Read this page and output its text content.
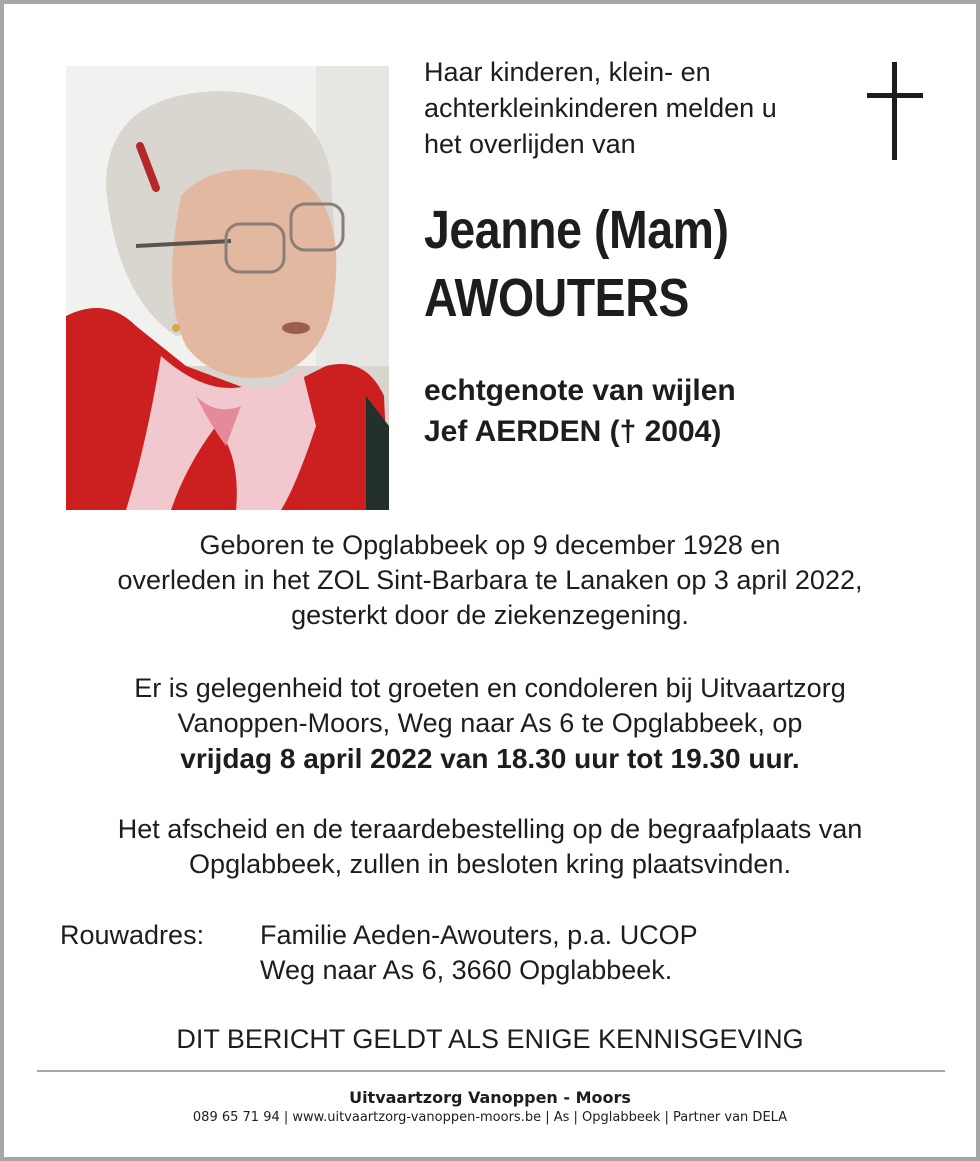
Haar kinderen, klein- en
achterkleinkinderen melden u
het overlijden van
Jeanne (Mam)
AWOUTERS
echtgenote van wijlen
Jef AERDEN († 2004)
Geboren te Opglabbeek op 9 december 1928 en
overleden in het ZOL Sint-Barbara te Lanaken op 3 april 2022,
gesterkt door de ziekenzegening.
Er is gelegenheid tot groeten en condoleren bij Uitvaartzorg
Vanoppen-Moors, Weg naar As 6 te Opglabbeek, op
vrijdag 8 april 2022 van 18.30 uur tot 19.30 uur.
Het afscheid en de teraardebestelling op de begraafplaats van
Opglabbeek, zullen in besloten kring plaatsvinden.
Rouwadres: Familie Aeden-Awouters, p.a. UCOP
Weg naar As 6, 3660 Opglabbeek.
DIT BERICHT GELDT ALS ENIGE KENNISGEVING
Uitvaartzorg Vanoppen - Moors
089 65 71 94 | www.uitvaartzorg-vanoppen-moors.be | As | Opglabbeek | Partner van DELA
